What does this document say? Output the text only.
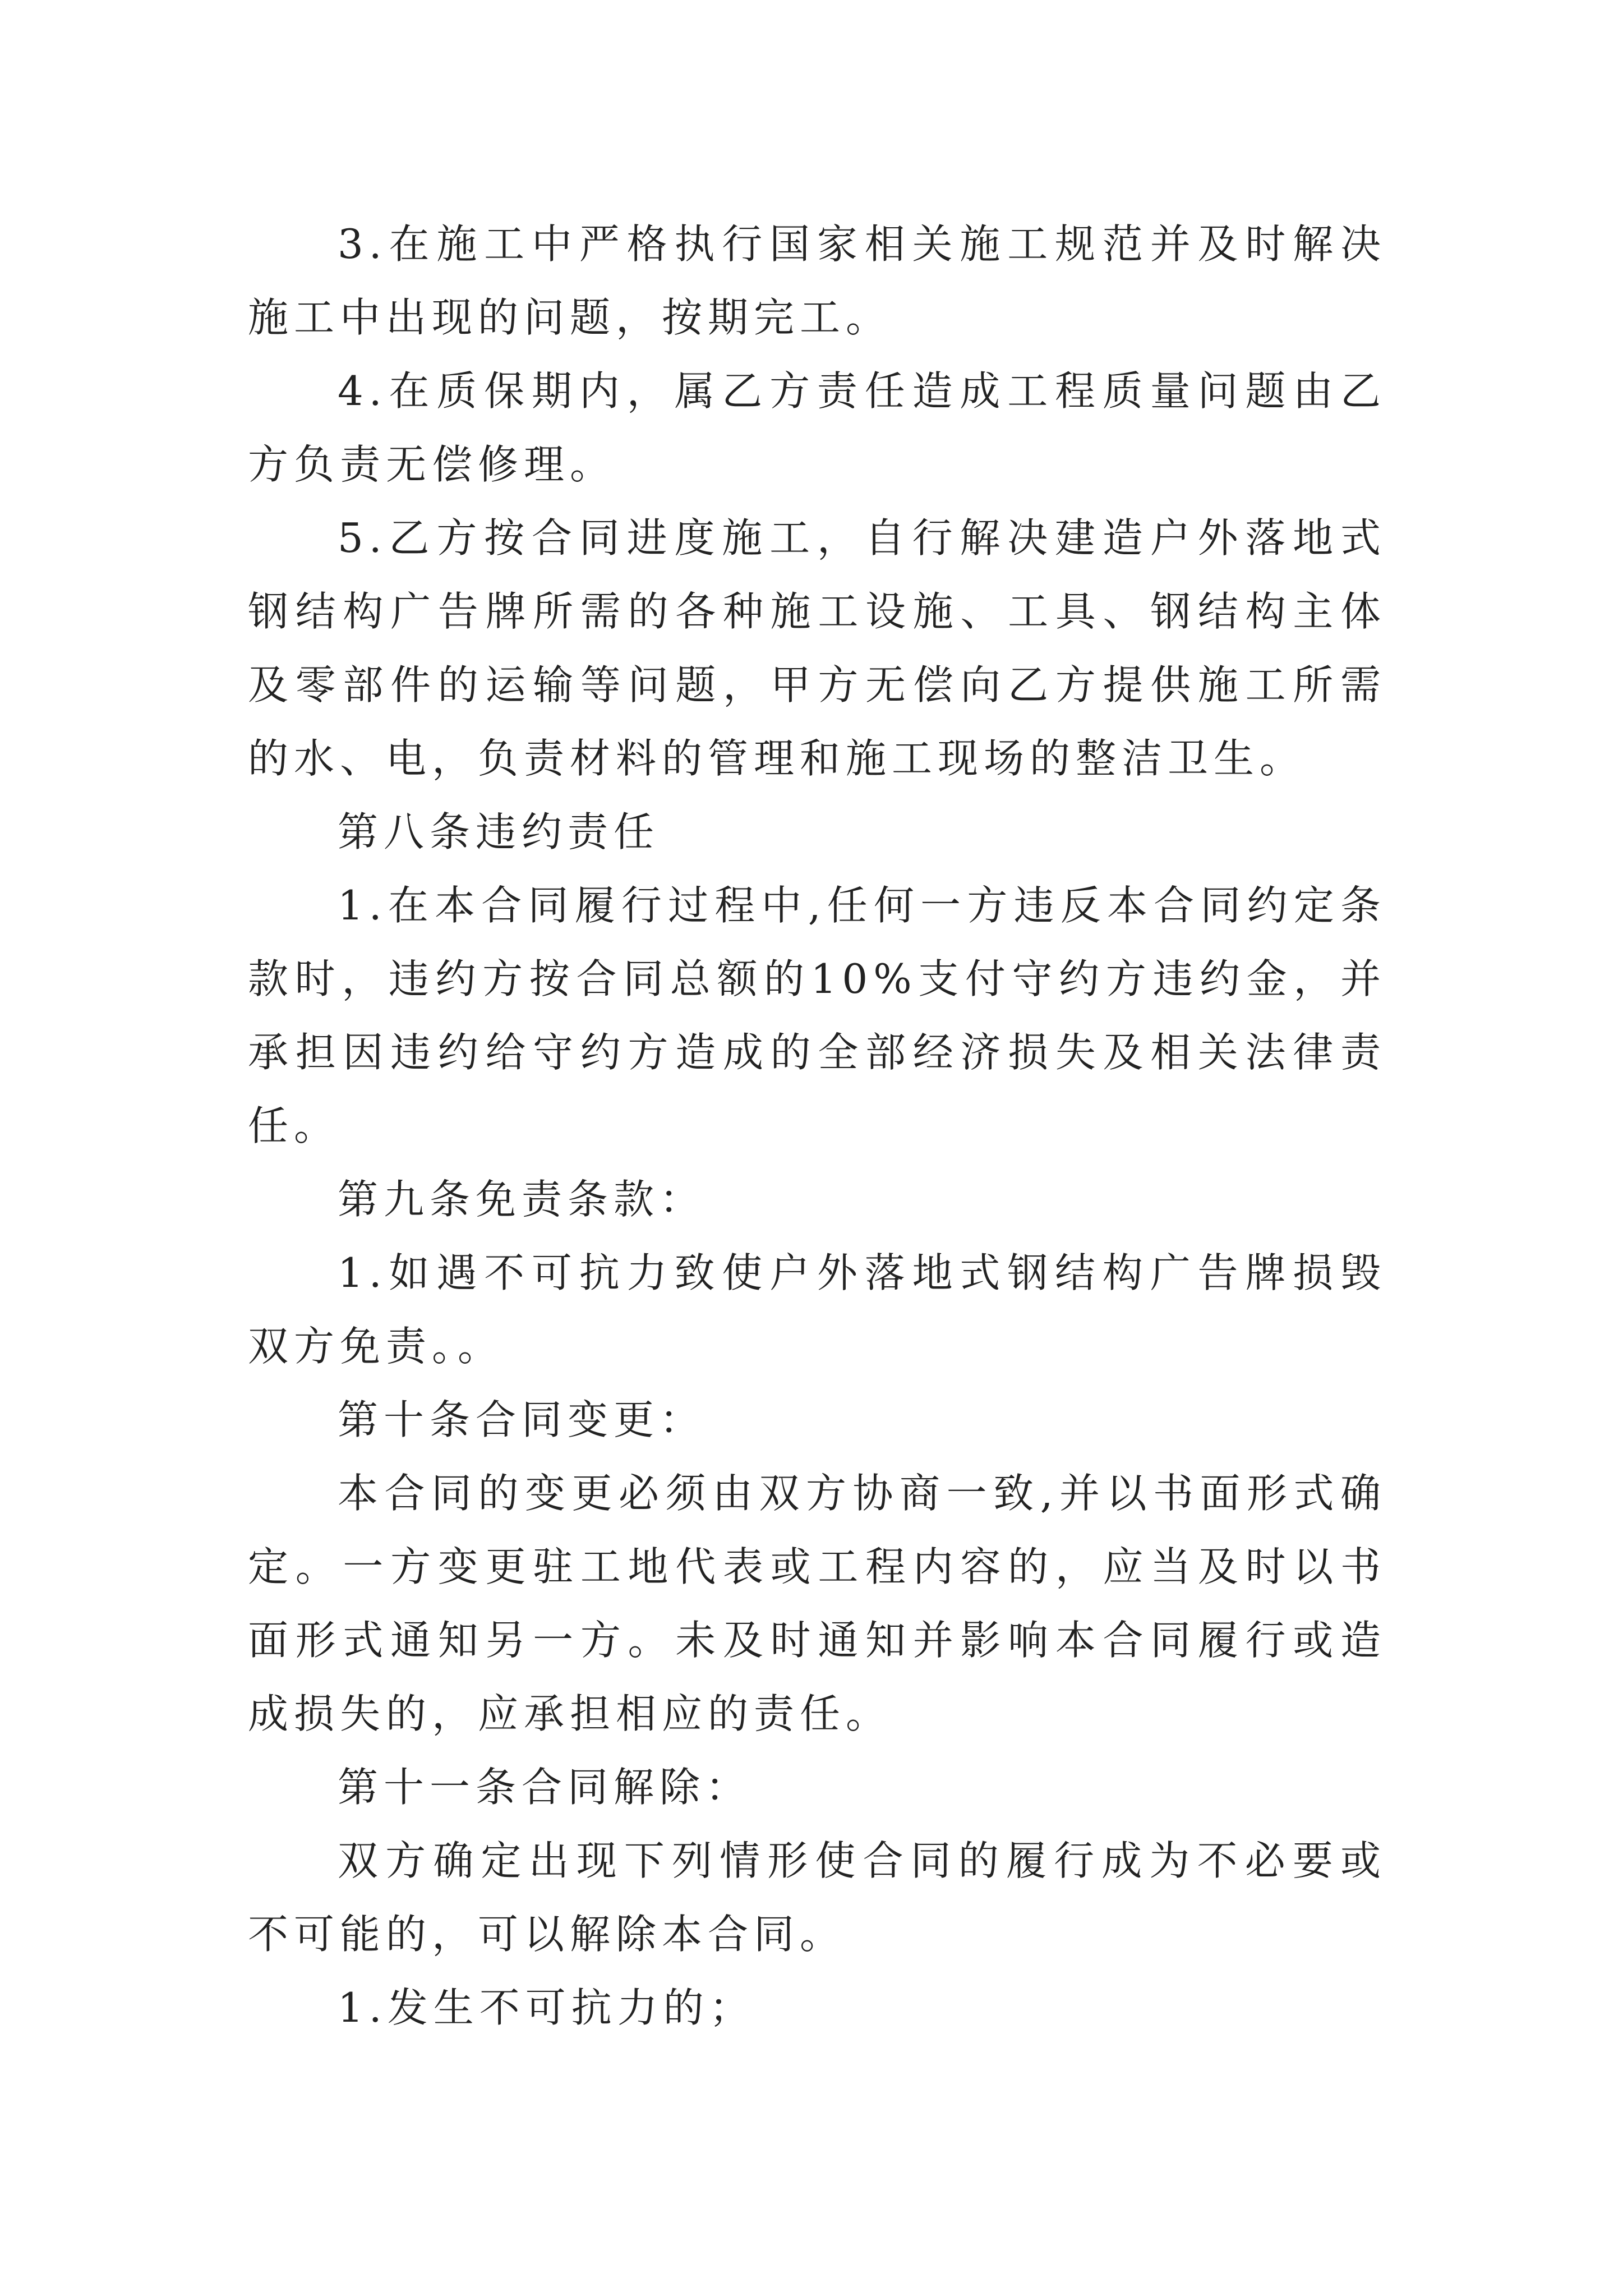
3.在施工中严格执行国家相关施工规范并及时解决施工中出现的问题，按期完工。

4.在质保期内，属乙方责任造成工程质量问题由乙方负责无偿修理。

5.乙方按合同进度施工，自行解决建造户外落地式钢结构广告牌所需的各种施工设施、工具、钢结构主体及零部件的运输等问题，甲方无偿向乙方提供施工所需的水、电，负责材料的管理和施工现场的整洁卫生。

第八条违约责任

1.在本合同履行过程中,任何一方违反本合同约定条款时，违约方按合同总额的10%支付守约方违约金，并承担因违约给守约方造成的全部经济损失及相关法律责任。

第九条免责条款：

1.如遇不可抗力致使户外落地式钢结构广告牌损毁双方免责。。

第十条合同变更：

本合同的变更必须由双方协商一致,并以书面形式确定。一方变更驻工地代表或工程内容的，应当及时以书面形式通知另一方。未及时通知并影响本合同履行或造成损失的，应承担相应的责任。

第十一条合同解除：

双方确定出现下列情形使合同的履行成为不必要或不可能的，可以解除本合同。

1.发生不可抗力的；
